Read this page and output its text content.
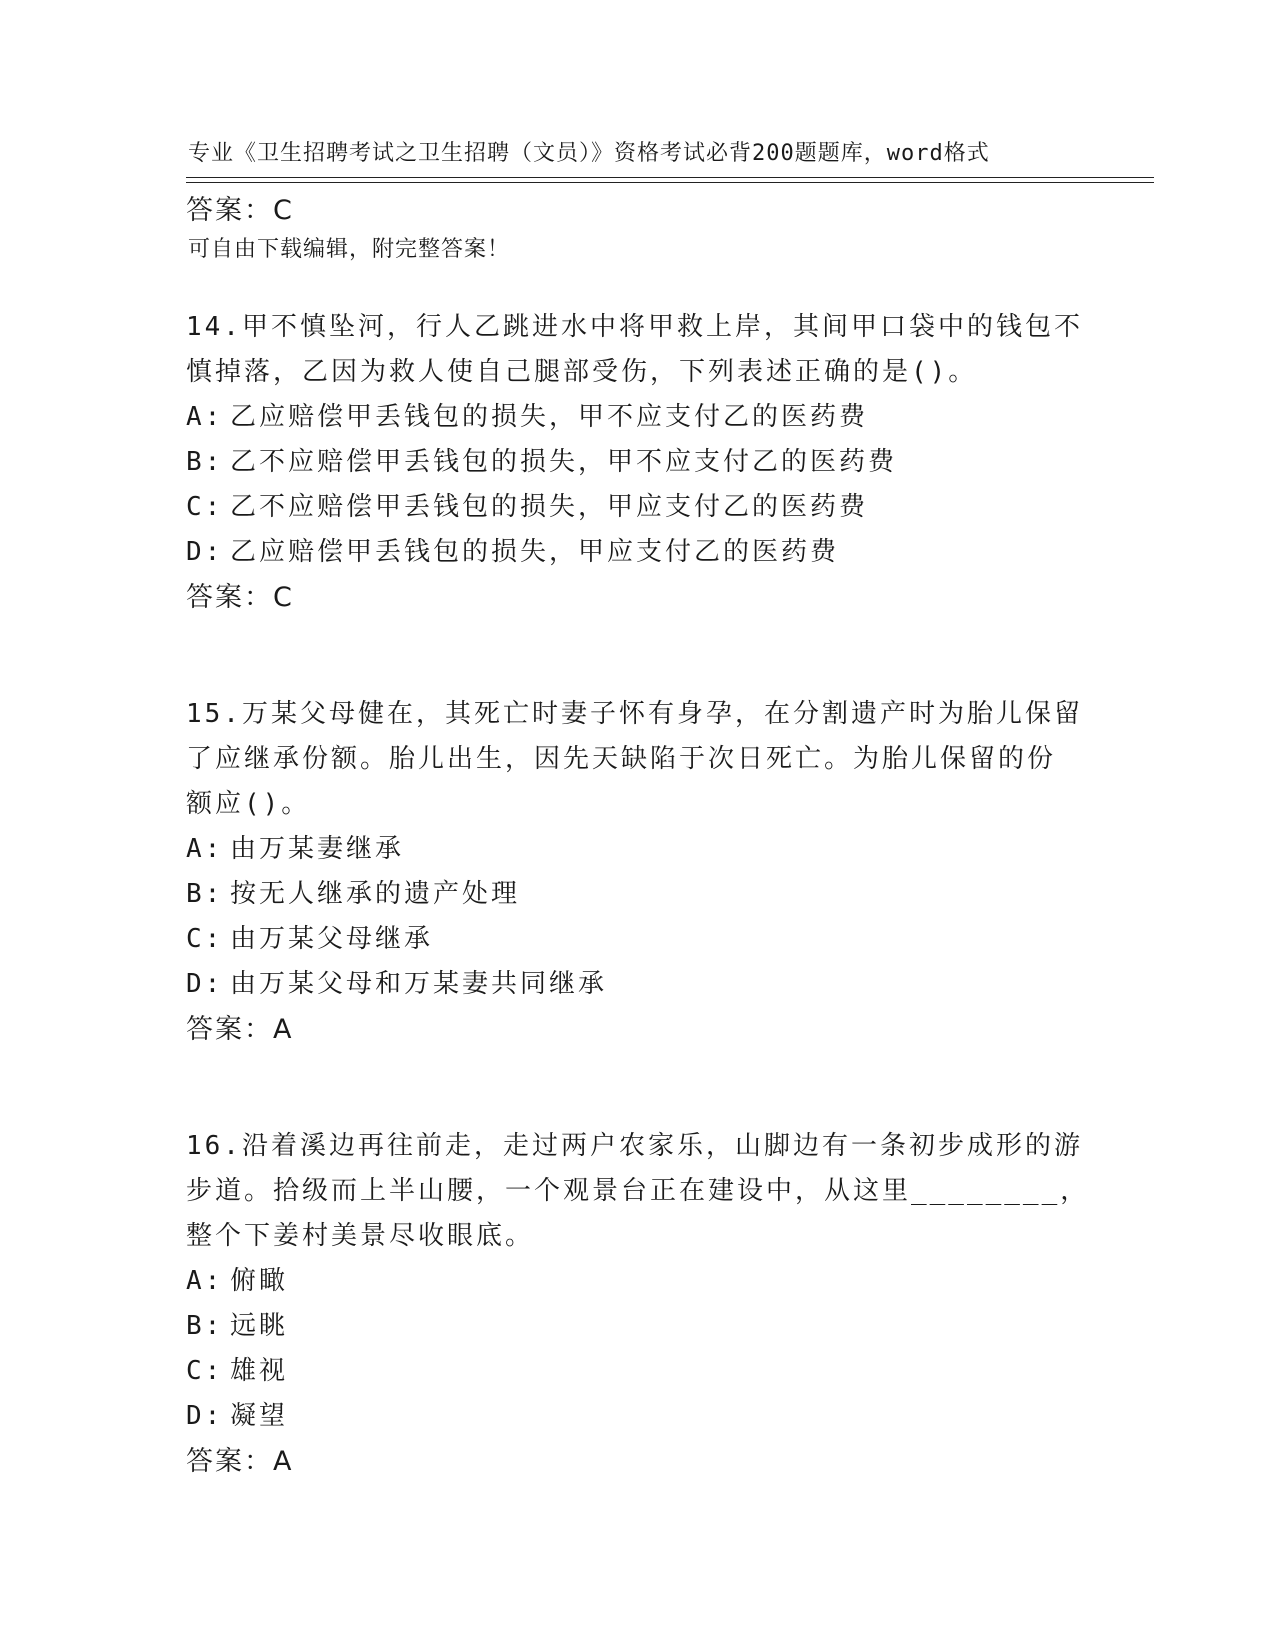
专业《卫生招聘考试之卫生招聘（文员）》资格考试必背200题题库，word格式

可自由下载编辑，附完整答案！

答案：C
14.甲不慎坠河，行人乙跳进水中将甲救上岸，其间甲口袋中的钱包不
慎掉落，乙因为救人使自己腿部受伤，下列表述正确的是()。
A: 乙应赔偿甲丢钱包的损失，甲不应支付乙的医药费
B: 乙不应赔偿甲丢钱包的损失，甲不应支付乙的医药费
C: 乙不应赔偿甲丢钱包的损失，甲应支付乙的医药费
D: 乙应赔偿甲丢钱包的损失，甲应支付乙的医药费
答案：C
15.万某父母健在，其死亡时妻子怀有身孕，在分割遗产时为胎儿保留
了应继承份额。胎儿出生，因先天缺陷于次日死亡。为胎儿保留的份
额应()。
A: 由万某妻继承
B: 按无人继承的遗产处理
C: 由万某父母继承
D: 由万某父母和万某妻共同继承
答案：A
16.沿着溪边再往前走，走过两户农家乐，山脚边有一条初步成形的游
步道。拾级而上半山腰，一个观景台正在建设中，从这里________，
整个下姜村美景尽收眼底。
A: 俯瞰
B: 远眺
C: 雄视
D: 凝望
答案：A
